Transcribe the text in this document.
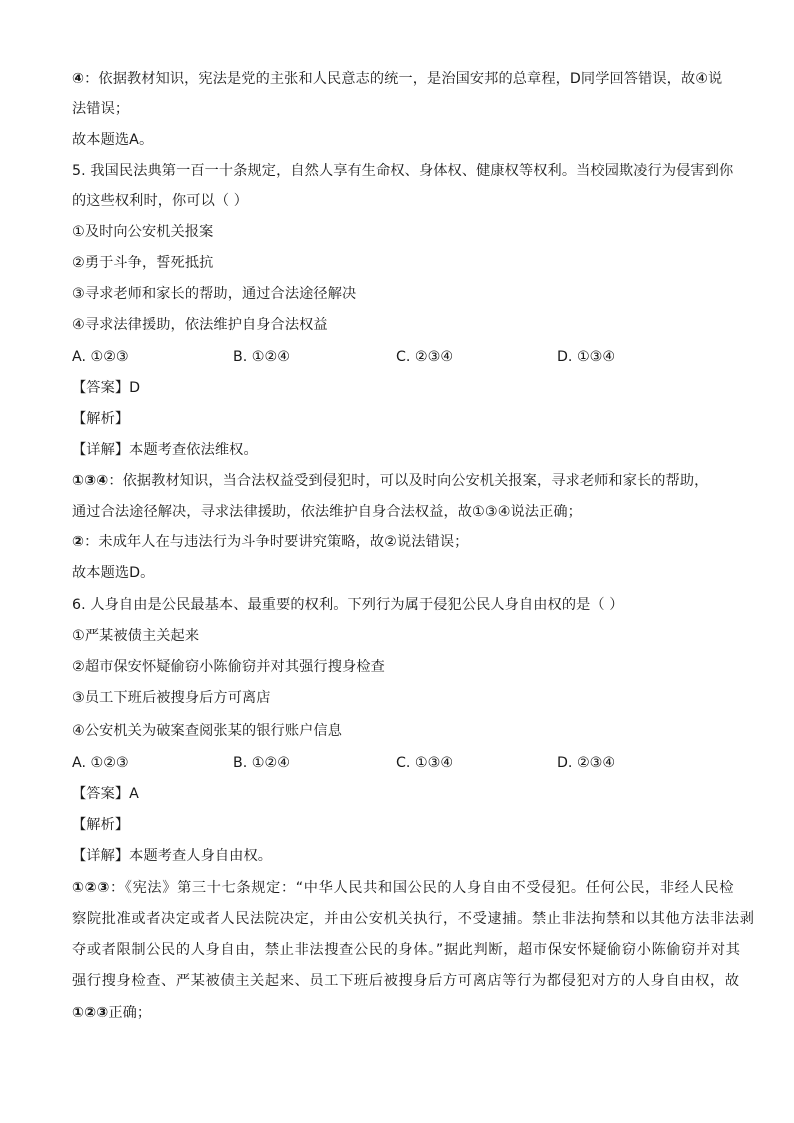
④：依据教材知识，宪法是党的主张和人民意志的统一，是治国安邦的总章程，D同学回答错误，故④说
法错误；
故本题选A。
5. 我国民法典第一百一十条规定，自然人享有生命权、身体权、健康权等权利。当校园欺凌行为侵害到你
的这些权利时，你可以（ ）
①及时向公安机关报案
②勇于斗争，誓死抵抗
③寻求老师和家长的帮助，通过合法途径解决
④寻求法律援助，依法维护自身合法权益
A. ①②③	B. ①②④	C. ②③④	D. ①③④
【答案】D
【解析】
【详解】本题考查依法维权。
①③④：依据教材知识，当合法权益受到侵犯时，可以及时向公安机关报案，寻求老师和家长的帮助，
通过合法途径解决，寻求法律援助，依法维护自身合法权益，故①③④说法正确；
②：未成年人在与违法行为斗争时要讲究策略，故②说法错误；
故本题选D。
6. 人身自由是公民最基本、最重要的权利。下列行为属于侵犯公民人身自由权的是（ ）
①严某被债主关起来
②超市保安怀疑偷窃小陈偷窃并对其强行搜身检查
③员工下班后被搜身后方可离店
④公安机关为破案查阅张某的银行账户信息
A. ①②③	B. ①②④	C. ①③④	D. ②③④
【答案】A
【解析】
【详解】本题考查人身自由权。
①②③：《宪法》第三十七条规定：“中华人民共和国公民的人身自由不受侵犯。任何公民，非经人民检
察院批准或者决定或者人民法院决定，并由公安机关执行，不受逮捕。禁止非法拘禁和以其他方法非法剥
夺或者限制公民的人身自由，禁止非法搜查公民的身体。”据此判断，超市保安怀疑偷窃小陈偷窃并对其
强行搜身检查、严某被债主关起来、员工下班后被搜身后方可离店等行为都侵犯对方的人身自由权，故
①②③正确；
